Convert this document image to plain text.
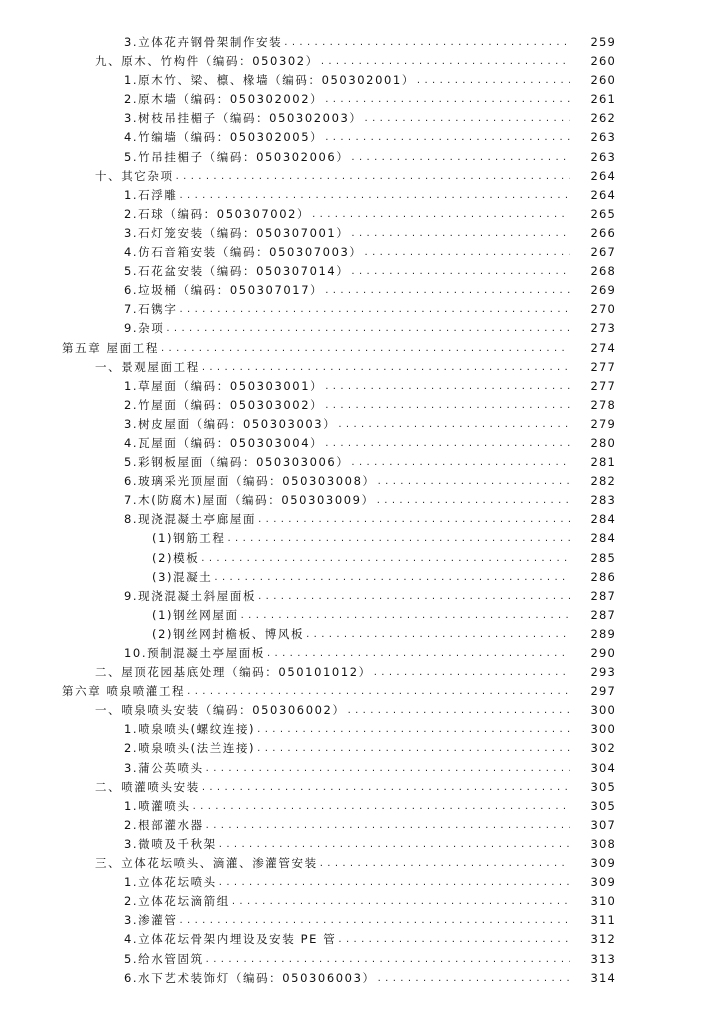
3.立体花卉钢骨架制作安装 . . .	259
九、原木、竹构件（编码：050302） . . .	260
1.原木竹、梁、檩、椽墙（编码：050302001） . . .	260
2.原木墙（编码：050302002） . . .	261
3.树枝吊挂楣子（编码：050302003） . . .	262
4.竹编墙（编码：050302005） . . .	263
5.竹吊挂楣子（编码：050302006） . . .	263
十、其它杂项 . . .	264
1.石浮雕 . . .	264
2.石球（编码：050307002） . . .	265
3.石灯笼安装（编码：050307001） . . .	266
4.仿石音箱安装（编码：050307003） . . .	267
5.石花盆安装（编码：050307014） . . .	268
6.垃圾桶（编码：050307017） . . .	269
7.石镌字 . . .	270
9.杂项 . . .	273
第五章 屋面工程 . . .	274
一、景观屋面工程 . . .	277
1.草屋面（编码：050303001） . . .	277
2.竹屋面（编码：050303002） . . .	278
3.树皮屋面（编码：050303003） . . .	279
4.瓦屋面（编码：050303004） . . .	280
5.彩钢板屋面（编码：050303006） . . .	281
6.玻璃采光顶屋面（编码：050303008） . . .	282
7.木(防腐木)屋面（编码：050303009） . . .	283
8.现浇混凝土亭廊屋面 . . .	284
(1)钢筋工程 . . .	284
(2)模板 . . .	285
(3)混凝土 . . .	286
9.现浇混凝土斜屋面板 . . .	287
(1)钢丝网屋面 . . .	287
(2)钢丝网封檐板、博风板 . . .	289
10.预制混凝土亭屋面板 . . .	290
二、屋顶花园基底处理（编码：050101012） . . .	293
第六章 喷泉喷灌工程 . . .	297
一、喷泉喷头安装（编码：050306002） . . .	300
1.喷泉喷头(螺纹连接) . . .	300
2.喷泉喷头(法兰连接) . . .	302
3.蒲公英喷头 . . .	304
二、喷灌喷头安装 . . .	305
1.喷灌喷头 . . .	305
2.根部灌水器 . . .	307
3.微喷及千秋架 . . .	308
三、立体花坛喷头、滴灌、渗灌管安装 . . .	309
1.立体花坛喷头 . . .	309
2.立体花坛滴箭组 . . .	310
3.渗灌管 . . .	311
4.立体花坛骨架内埋设及安装 PE 管 . . .	312
5.给水管固筑 . . .	313
6.水下艺术装饰灯（编码：050306003） . . .	314
